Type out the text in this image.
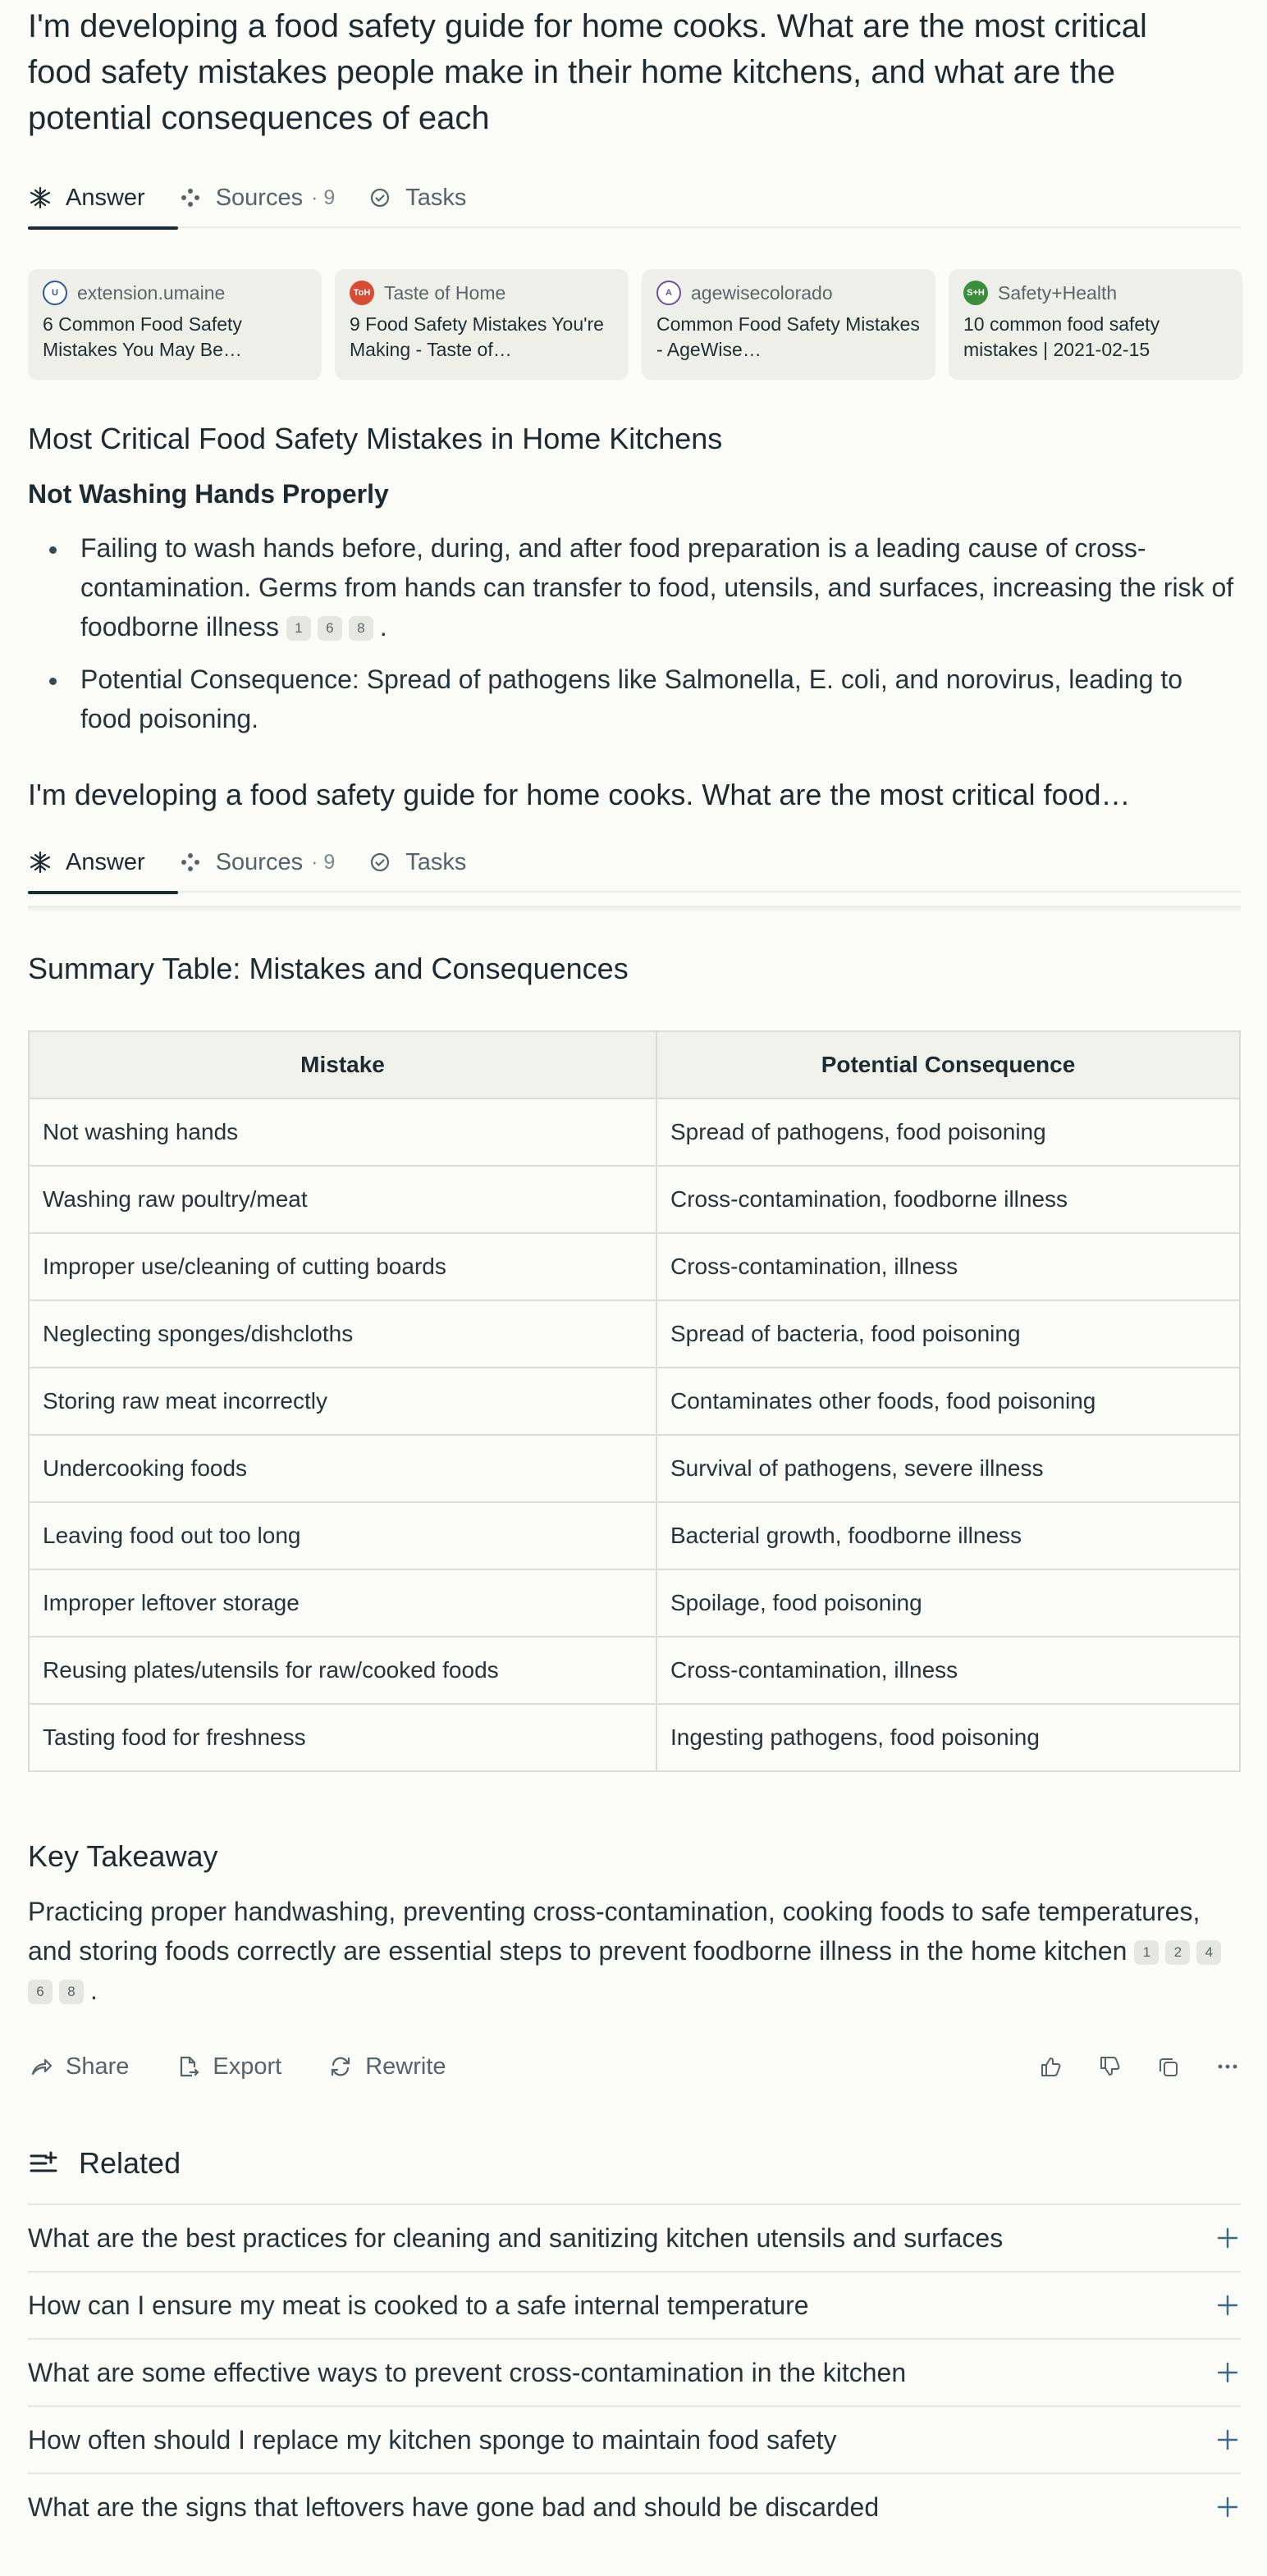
I'm developing a food safety guide for home cooks. What are the most critical food safety mistakes people make in their home kitchens, and what are the potential consequences of each
Answer	Sources · 9	Tasks
U	extension.umaine
6 Common Food Safety Mistakes You May Be…
ToH Taste of Home
9 Food Safety Mistakes You're Making - Taste of…
A	agewisecolorado
Common Food Safety Mistakes - AgeWise…
S+H Safety+Health
10 common food safety mistakes | 2021-02-15
Most Critical Food Safety Mistakes in Home Kitchens
Not Washing Hands Properly
Failing to wash hands before, during, and after food preparation is a leading cause of cross-contamination. Germs from hands can transfer to food, utensils, and surfaces, increasing the risk of foodborne illness 1 6 8 .
Potential Consequence: Spread of pathogens like Salmonella, E. coli, and norovirus, leading to food poisoning.
I'm developing a food safety guide for home cooks. What are the most critical food…
Answer	Sources · 9	Tasks
Summary Table: Mistakes and Consequences
Mistake	Potential Consequence
Not washing hands	Spread of pathogens, food poisoning
Washing raw poultry/meat	Cross-contamination, foodborne illness
Improper use/cleaning of cutting boards	Cross-contamination, illness
Neglecting sponges/dishcloths	Spread of bacteria, food poisoning
Storing raw meat incorrectly	Contaminates other foods, food poisoning
Undercooking foods	Survival of pathogens, severe illness
Leaving food out too long	Bacterial growth, foodborne illness
Improper leftover storage	Spoilage, food poisoning
Reusing plates/utensils for raw/cooked foods	Cross-contamination, illness
Tasting food for freshness	Ingesting pathogens, food poisoning
Key Takeaway

Practicing proper handwashing, preventing cross-contamination, cooking foods to safe temperatures, and storing foods correctly are essential steps to prevent foodborne illness in the home kitchen 1 2 46 8 .

Share	Export	Rewrite
Related
What are the best practices for cleaning and sanitizing kitchen utensils and surfaces
How can I ensure my meat is cooked to a safe internal temperature
What are some effective ways to prevent cross-contamination in the kitchen
How often should I replace my kitchen sponge to maintain food safety
What are the signs that leftovers have gone bad and should be discarded
